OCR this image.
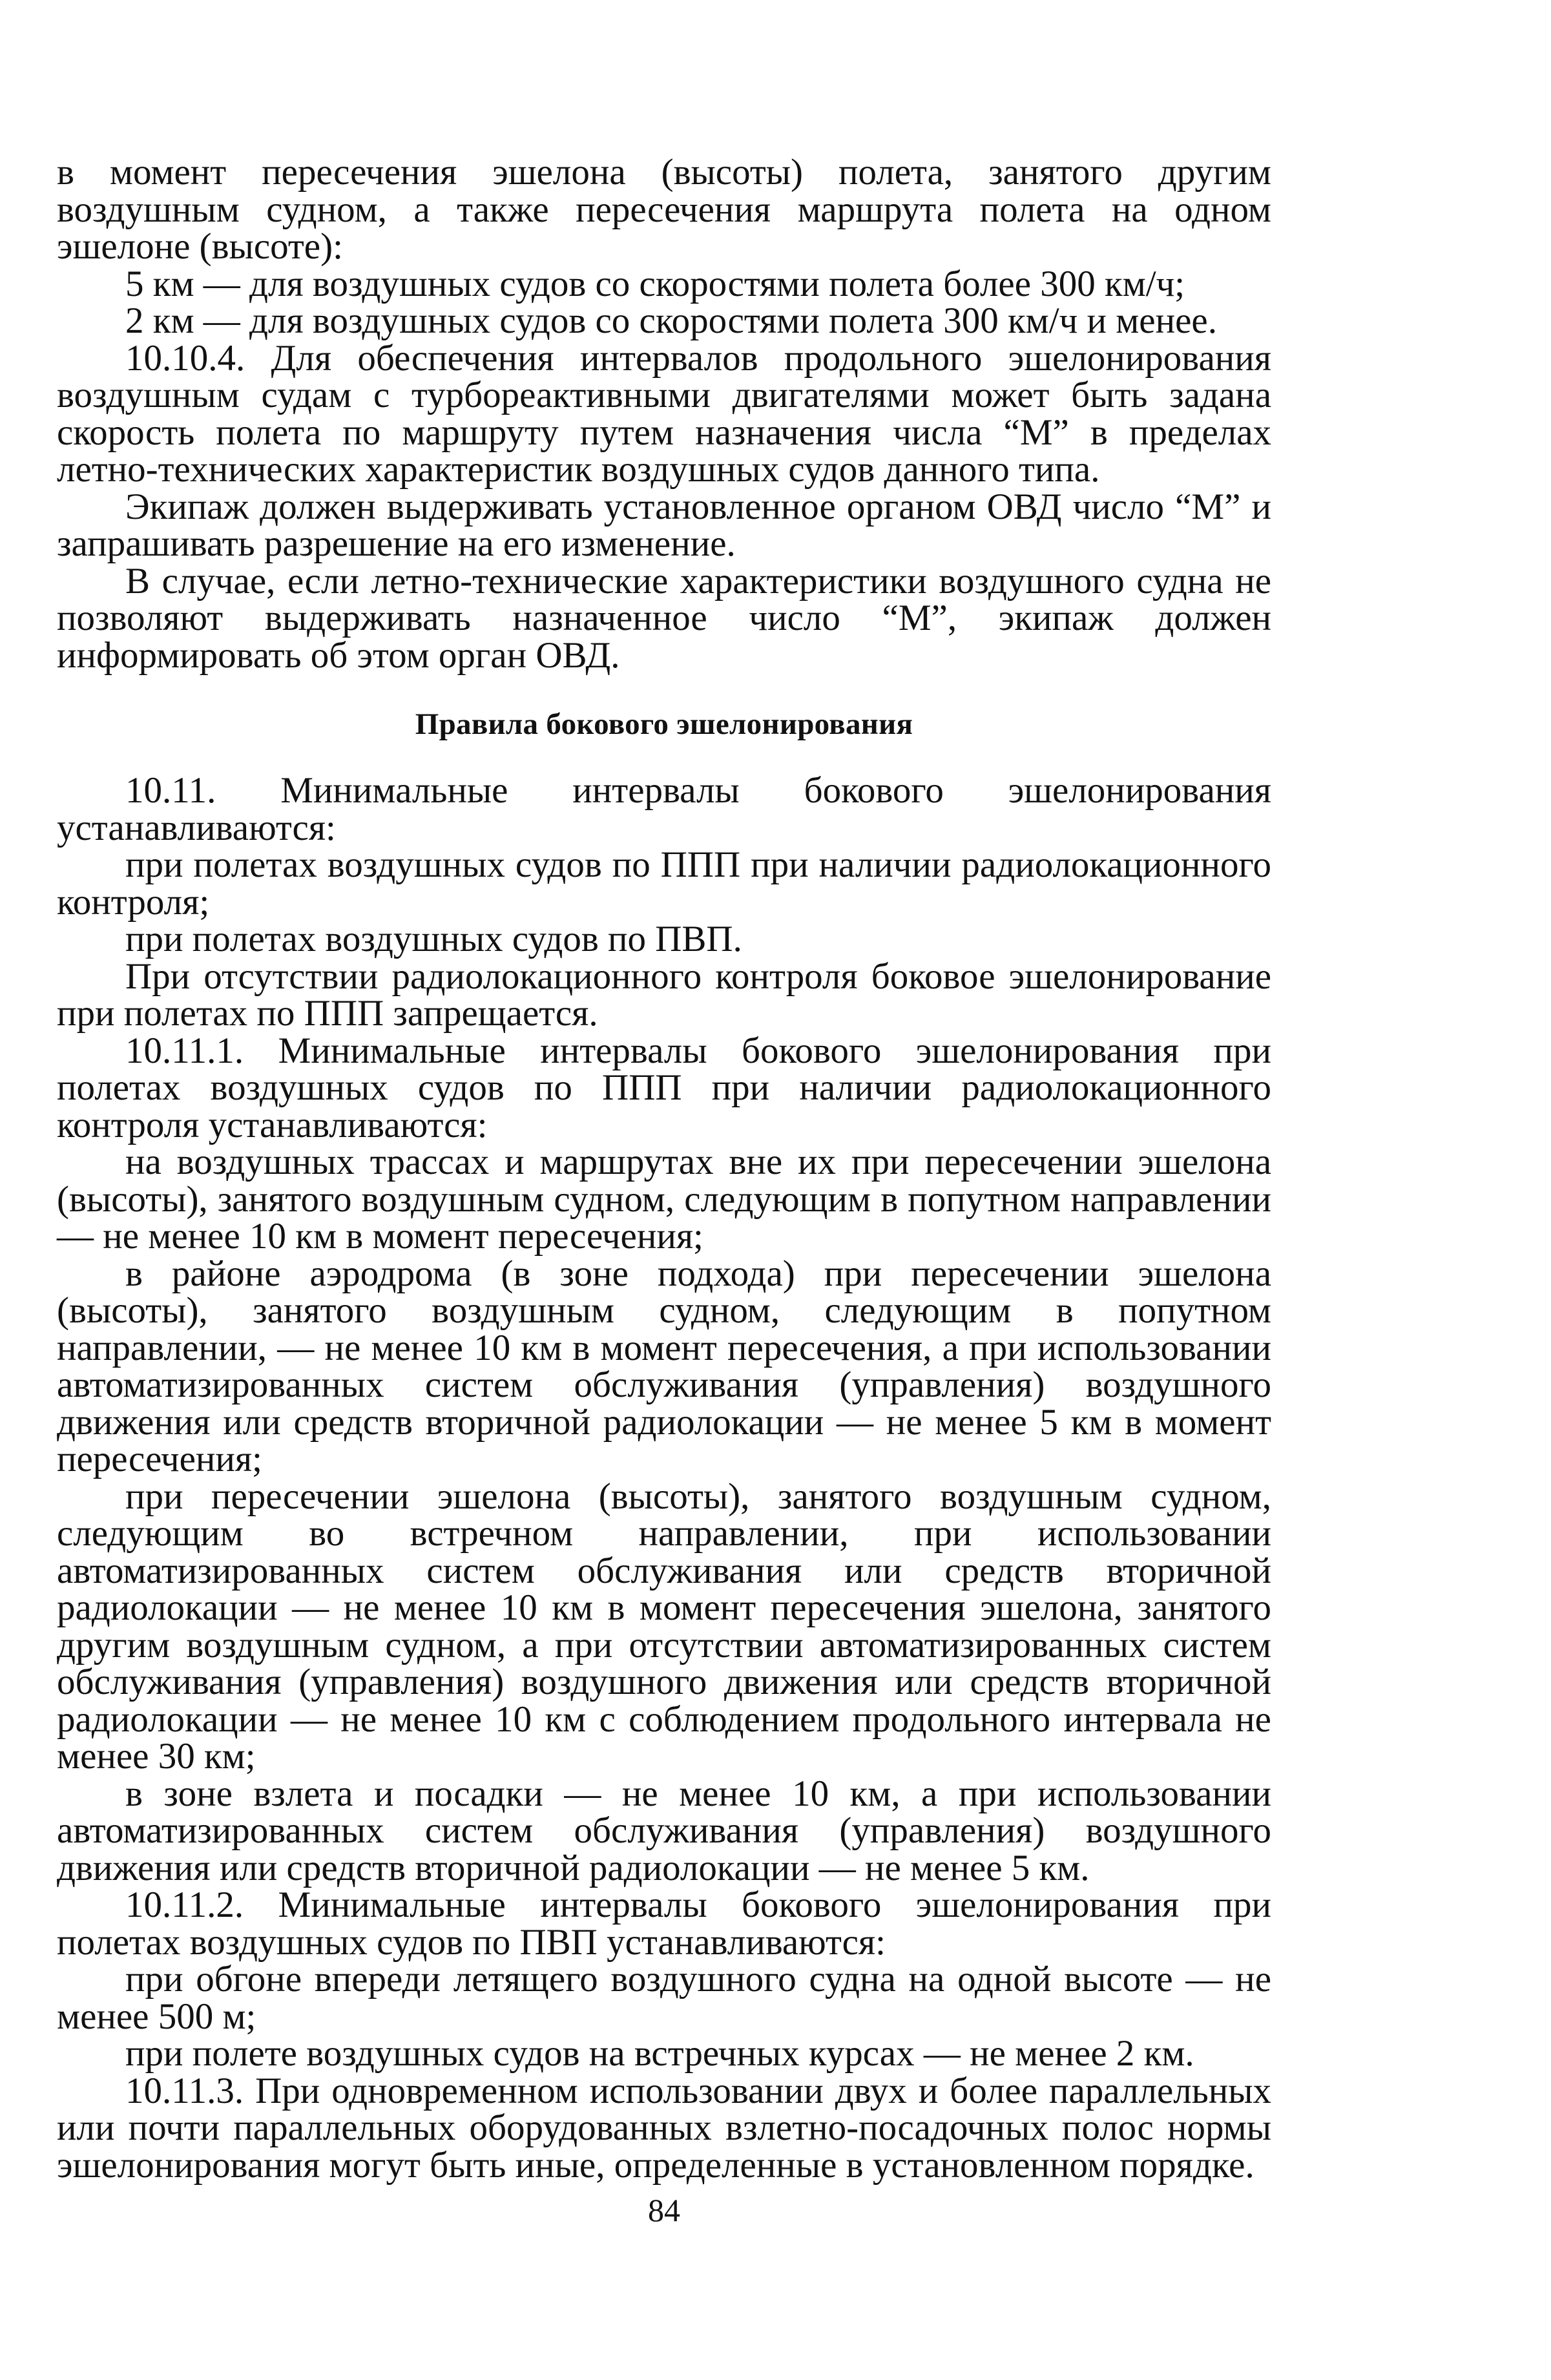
в момент пересечения эшелона (высоты) полета, занятого другим воздушным судном, а также пересечения маршрута полета на одном эшелоне (высоте):

5 км — для воздушных судов со скоростями полета более 300 км/ч;

2 км — для воздушных судов со скоростями полета 300 км/ч и менее.

10.10.4. Для обеспечения интервалов продольного эшелонирования воздушным судам с турбореактивными двигателями может быть задана скорость полета по маршруту путем назначения числа “М” в пределах летно-технических характеристик воздушных судов данного типа.

Экипаж должен выдерживать установленное органом ОВД число “М” и запрашивать разрешение на его изменение.

В случае, если летно-технические характеристики воздушного судна не позволяют выдерживать назначенное число “М”, экипаж должен информировать об этом орган ОВД.

Правила бокового эшелонирования

10.11. Минимальные интервалы бокового эшелонирования устанавливаются:

при полетах воздушных судов по ППП при наличии радиолокационного контроля;

при полетах воздушных судов по ПВП.

При отсутствии радиолокационного контроля боковое эшелонирование при полетах по ППП запрещается.

10.11.1. Минимальные интервалы бокового эшелонирования при полетах воздушных судов по ППП при наличии радиолокационного контроля устанавливаются:

на воздушных трассах и маршрутах вне их при пересечении эшелона (высоты), занятого воздушным судном, следующим в попутном направлении — не менее 10 км в момент пересечения;

в районе аэродрома (в зоне подхода) при пересечении эшелона (высоты), занятого воздушным судном, следующим в попутном направлении, — не менее 10 км в момент пересечения, а при использовании автоматизированных систем обслуживания (управления) воздушного движения или средств вторичной радиолокации — не менее 5 км в момент пересечения;

при пересечении эшелона (высоты), занятого воздушным судном, следующим во встречном направлении, при использовании автоматизированных систем обслуживания или средств вторичной радиолокации — не менее 10 км в момент пересечения эшелона, занятого другим воздушным судном, а при отсутствии автоматизированных систем обслуживания (управления) воздушного движения или средств вторичной радиолокации — не менее 10 км с соблюдением продольного интервала не менее 30 км;

в зоне взлета и посадки — не менее 10 км, а при использовании автоматизированных систем обслуживания (управления) воздушного движения или средств вторичной радиолокации — не менее 5 км.

10.11.2. Минимальные интервалы бокового эшелонирования при полетах воздушных судов по ПВП устанавливаются:

при обгоне впереди летящего воздушного судна на одной высоте — не менее 500 м;

при полете воздушных судов на встречных курсах — не менее 2 км.

10.11.3. При одновременном использовании двух и более параллельных или почти параллельных оборудованных взлетно-посадочных полос нормы эшелонирования могут быть иные, определенные в установленном порядке.

84
